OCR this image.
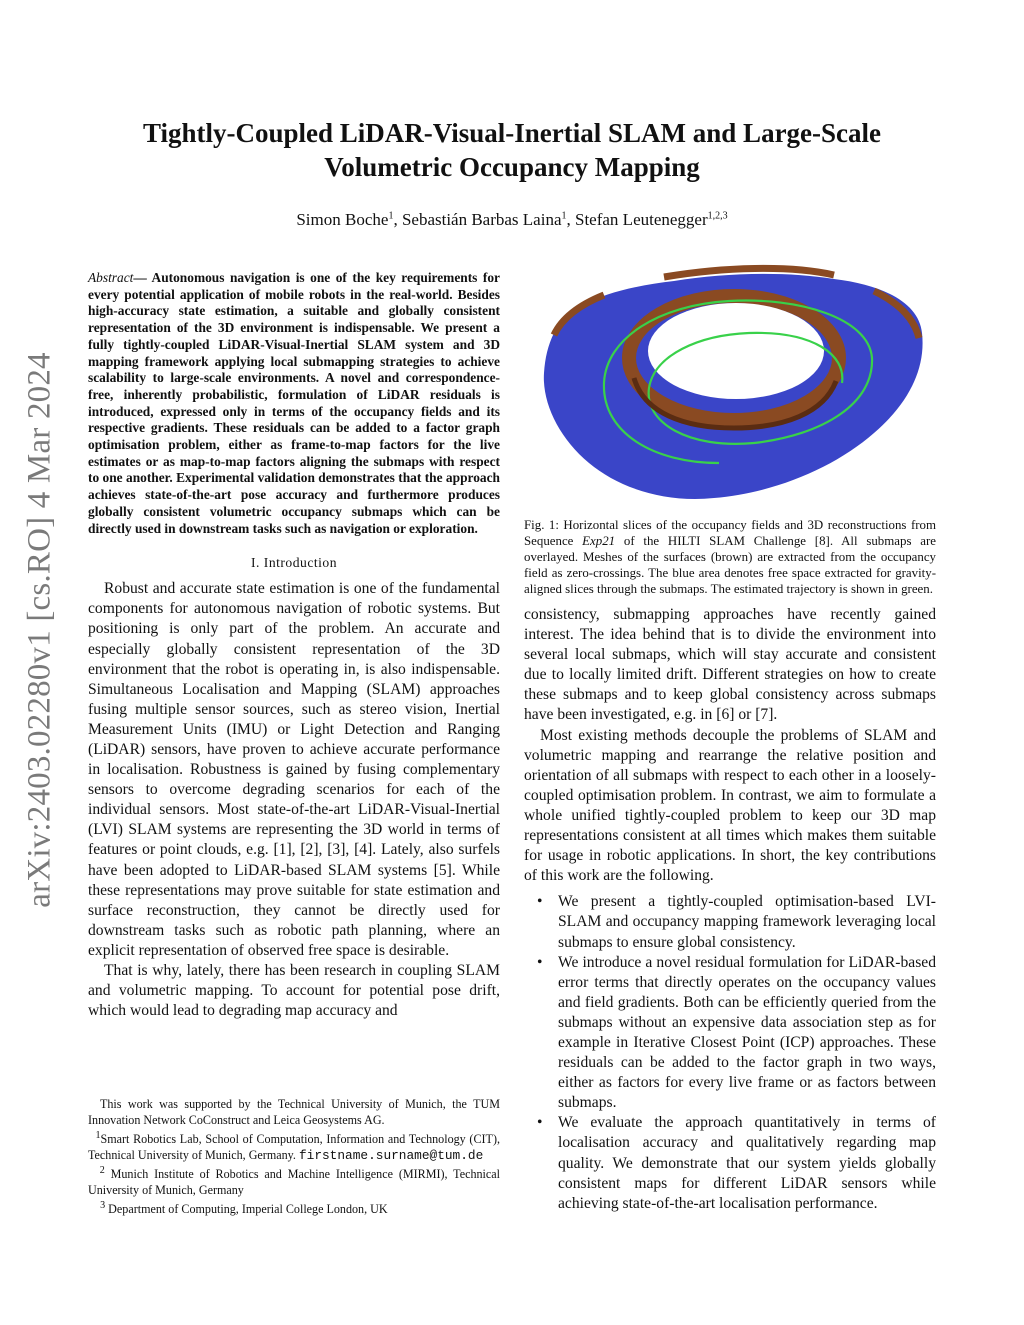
arXiv:2403.02280v1 [cs.RO] 4 Mar 2024
Tightly-Coupled LiDAR-Visual-Inertial SLAM and Large-Scale Volumetric Occupancy Mapping
Simon Boche$^1$, Sebastián Barbas Laina$^1$, Stefan Leutenegger$^{1,2,3}$

Abstract— Autonomous navigation is one of the key requirements for every potential application of mobile robots in the real-world. Besides high-accuracy state estimation, a suitable and globally consistent representation of the 3D environment is indispensable. We present a fully tightly-coupled LiDAR-Visual-Inertial SLAM system and 3D mapping framework applying local submapping strategies to achieve scalability to large-scale environments. A novel and correspondence-free, inherently probabilistic, formulation of LiDAR residuals is introduced, expressed only in terms of the occupancy fields and its respective gradients. These residuals can be added to a factor graph optimisation problem, either as frame-to-map factors for the live estimates or as map-to-map factors aligning the submaps with respect to one another. Experimental validation demonstrates that the approach achieves state-of-the-art pose accuracy and furthermore produces globally consistent volumetric occupancy submaps which can be directly used in downstream tasks such as navigation or exploration.

I. Introduction

Robust and accurate state estimation is one of the fundamental components for autonomous navigation of robotic systems. But positioning is only part of the problem. An accurate and especially globally consistent representation of the 3D environment that the robot is operating in, is also indispensable. Simultaneous Localisation and Mapping (SLAM) approaches fusing multiple sensor sources, such as stereo vision, Inertial Measurement Units (IMU) or Light Detection and Ranging (LiDAR) sensors, have proven to achieve accurate performance in localisation. Robustness is gained by fusing complementary sensors to overcome degrading scenarios for each of the individual sensors. Most state-of-the-art LiDAR-Visual-Inertial (LVI) SLAM systems are representing the 3D world in terms of features or point clouds, e.g. [1], [2], [3], [4]. Lately, also surfels have been adopted to LiDAR-based SLAM systems [5]. While these representations may prove suitable for state estimation and surface reconstruction, they cannot be directly used for downstream tasks such as robotic path planning, where an explicit representation of observed free space is desirable.

That is why, lately, there has been research in coupling SLAM and volumetric mapping. To account for potential pose drift, which would lead to degrading map accuracy and

This work was supported by the Technical University of Munich, the TUM Innovation Network CoConstruct and Leica Geosystems AG.

$^1$Smart Robotics Lab, School of Computation, Information and Technology (CIT), Technical University of Munich, Germany. firstname.surname@tum.de

$^2$ Munich Institute of Robotics and Machine Intelligence (MIRMI), Technical University of Munich, Germany

$^3$ Department of Computing, Imperial College London, UK

Fig. 1: Horizontal slices of the occupancy fields and 3D reconstructions from Sequence Exp21 of the HILTI SLAM Challenge [8]. All submaps are overlayed. Meshes of the surfaces (brown) are extracted from the occupancy field as zero-crossings. The blue area denotes free space extracted for gravity-aligned slices through the submaps. The estimated trajectory is shown in green.

consistency, submapping approaches have recently gained interest. The idea behind that is to divide the environment into several local submaps, which will stay accurate and consistent due to locally limited drift. Different strategies on how to create these submaps and to keep global consistency across submaps have been investigated, e.g. in [6] or [7].

Most existing methods decouple the problems of SLAM and volumetric mapping and rearrange the relative position and orientation of all submaps with respect to each other in a loosely-coupled optimisation problem. In contrast, we aim to formulate a whole unified tightly-coupled problem to keep our 3D map representations consistent at all times which makes them suitable for usage in robotic applications. In short, the key contributions of this work are the following.

• We present a tightly-coupled optimisation-based LVI-SLAM and occupancy mapping framework leveraging local submaps to ensure global consistency.
• We introduce a novel residual formulation for LiDAR-based error terms that directly operates on the occupancy values and field gradients. Both can be efficiently queried from the submaps without an expensive data association step as for example in Iterative Closest Point (ICP) approaches. These residuals can be added to the factor graph in two ways, either as factors for every live frame or as factors between submaps.
• We evaluate the approach quantitatively in terms of localisation accuracy and qualitatively regarding map quality. We demonstrate that our system yields globally consistent maps for different LiDAR sensors while achieving state-of-the-art localisation performance.
